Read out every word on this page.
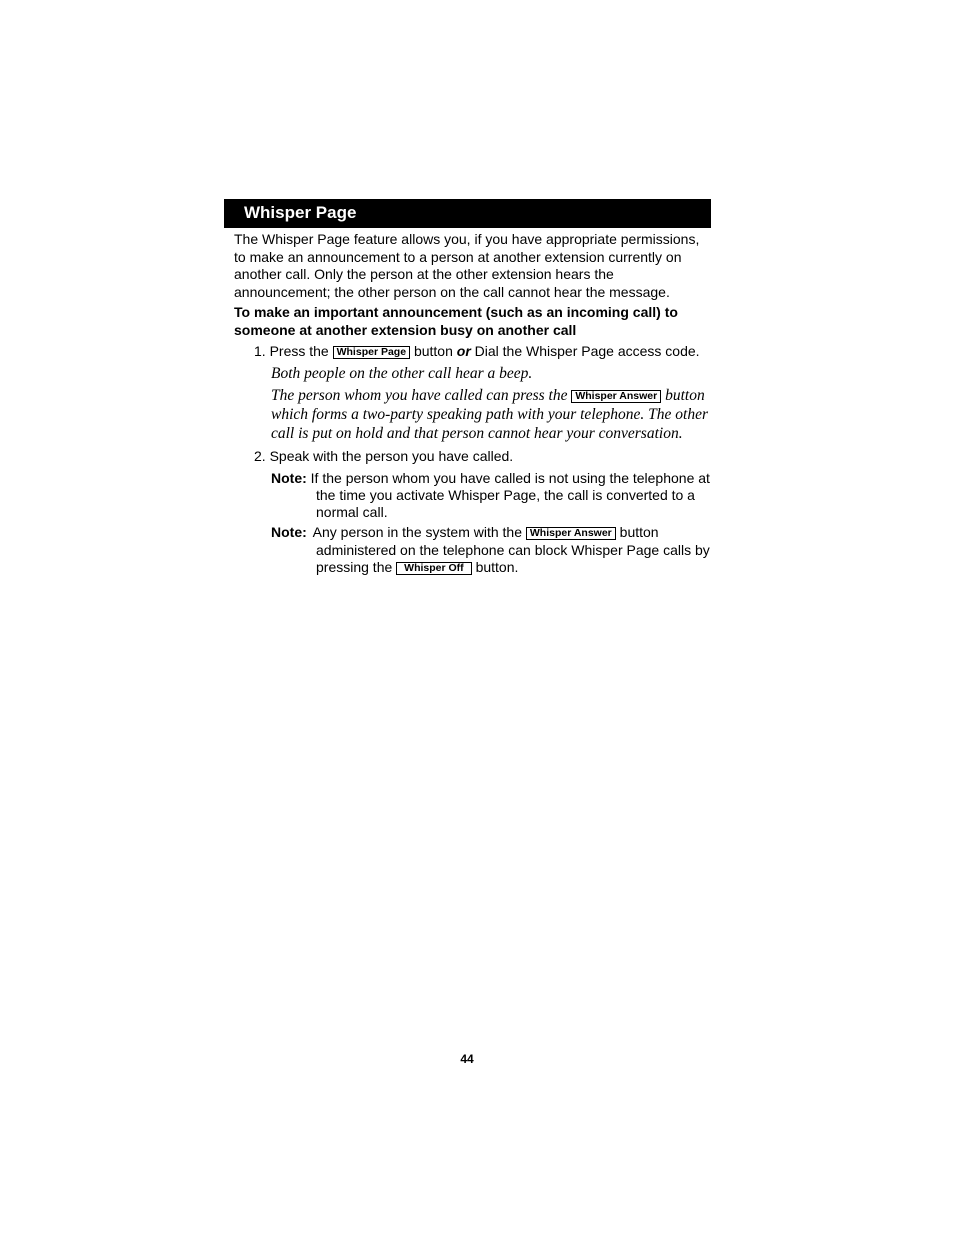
Whisper Page
The Whisper Page feature allows you, if you have appropriate permissions, to make an announcement to a person at another extension currently on another call. Only the person at the other extension hears the announcement; the other person on the call cannot hear the message.
To make an important announcement (such as an incoming call) to someone at another extension busy on another call
1. Press the Whisper Page button or Dial the Whisper Page access code.
Both people on the other call hear a beep.
The person whom you have called can press the Whisper Answer button
which forms a two-party speaking path with your telephone. The other
call is put on hold and that person cannot hear your conversation.
2. Speak with the person you have called.
Note: If the person whom you have called is not using the telephone at
the time you activate Whisper Page, the call is converted to a
normal call.
Note: Any person in the system with the Whisper Answer button
administered on the telephone can block Whisper Page calls by
pressing the Whisper Off button.
44
